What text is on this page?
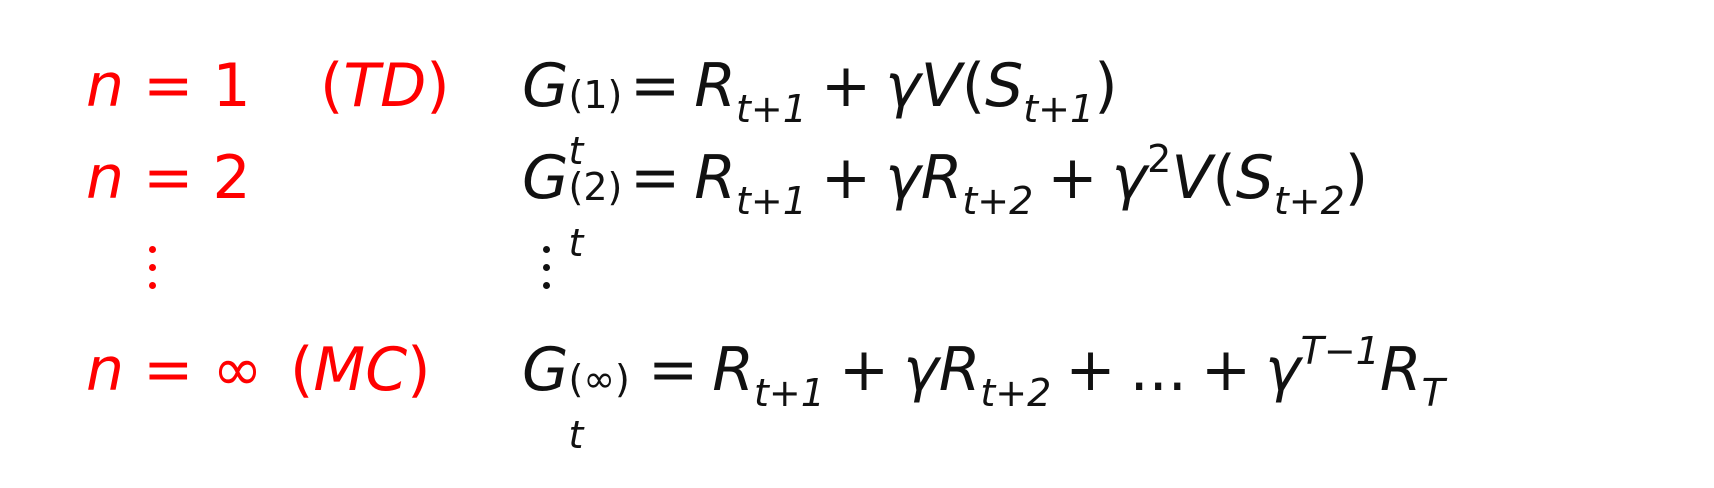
n = 1 (TD) G (1)
t
= $R_{t+1} + \gamma V(S_{t+1})$
n = 2	G (2)
t
= $R_{t+1} + \gamma R_{t+2} + \gamma^2V(S_{t+2})$
n = ∞ (MC) G (∞)
t
= $R_{t+1} + \gamma R_{t+2}$ + ... + $\gamma^{T-1}R_T$
